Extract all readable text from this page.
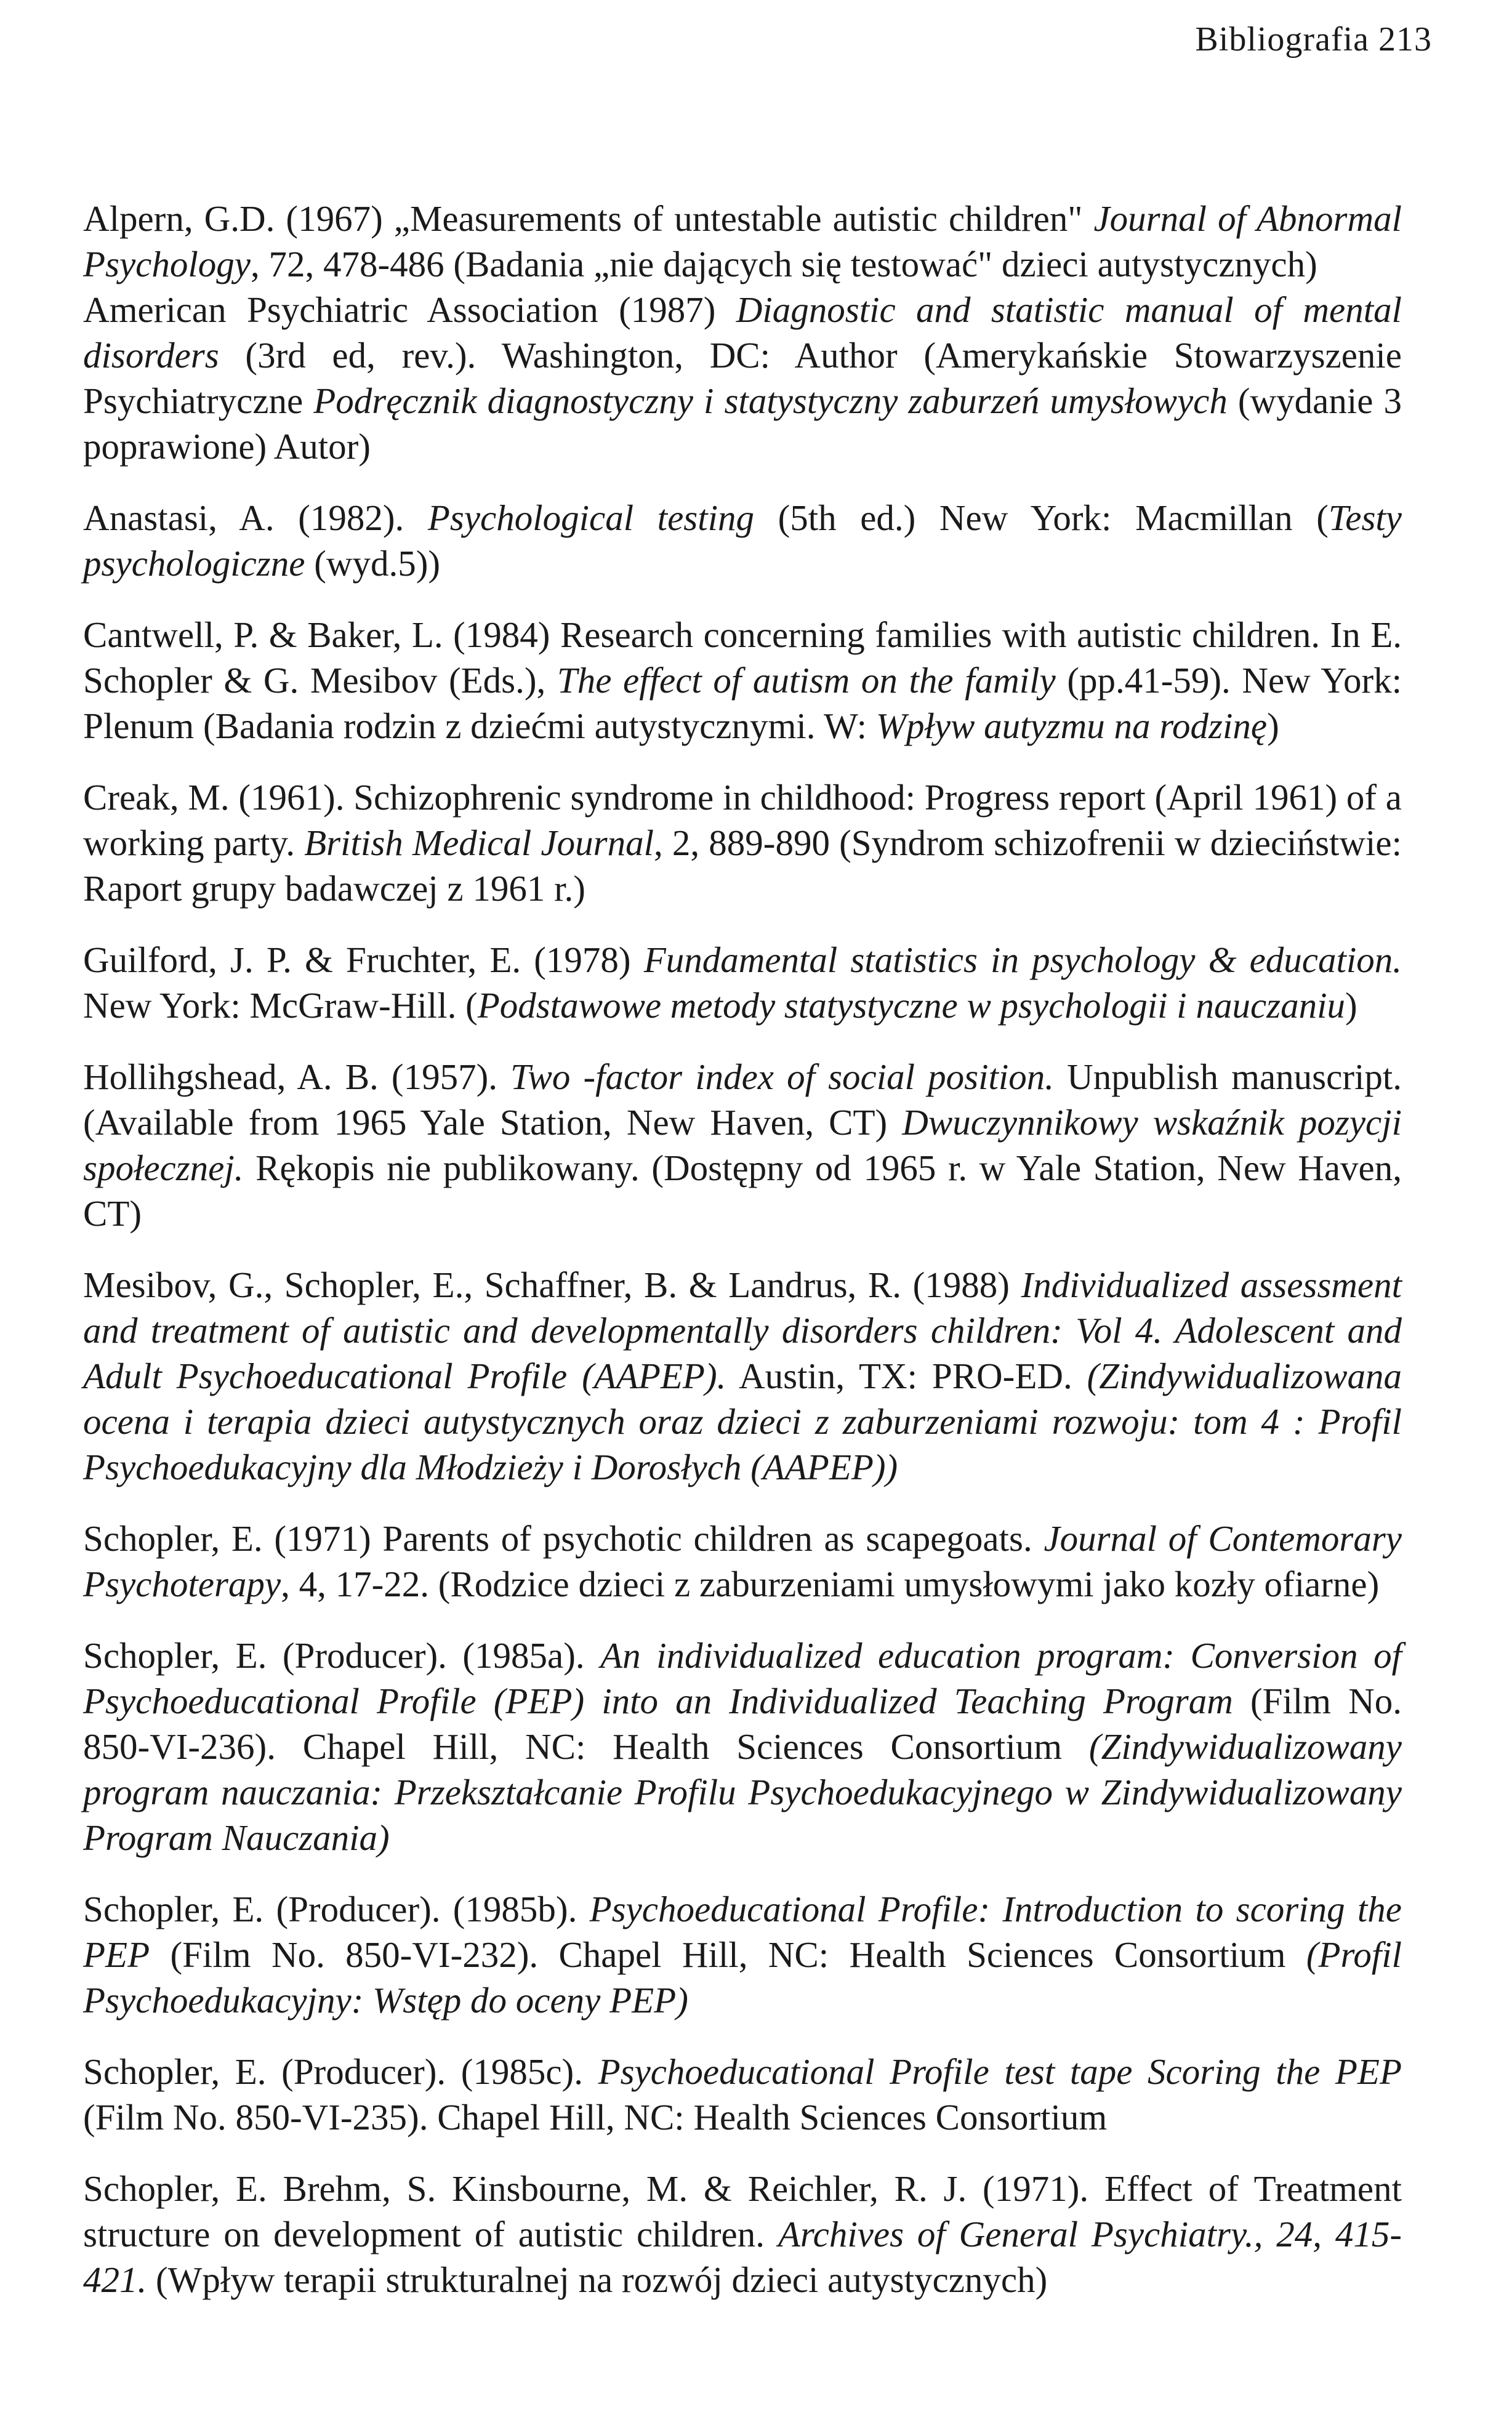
Bibliografia 213
Alpern, G.D. (1967) „Measurements of untestable autistic children" Journal of Abnormal Psychology, 72, 478-486 (Badania „nie dających się testować" dzieci autystycznych)
American Psychiatric Association (1987) Diagnostic and statistic manual of mental disorders (3rd ed, rev.). Washington, DC: Author (Amerykańskie Stowarzyszenie Psychiatryczne Podręcznik diagnostyczny i statystyczny zaburzeń umysłowych (wydanie 3 poprawione) Autor)
Anastasi, A. (1982). Psychological testing (5th ed.) New York: Macmillan (Testy psychologiczne (wyd.5))
Cantwell, P. & Baker, L. (1984) Research concerning families with autistic children. In E. Schopler & G. Mesibov (Eds.), The effect of autism on the family (pp.41-59). New York: Plenum (Badania rodzin z dziećmi autystycznymi. W: Wpływ autyzmu na rodzinę)
Creak, M. (1961). Schizophrenic syndrome in childhood: Progress report (April 1961) of a working party. British Medical Journal, 2, 889-890 (Syndrom schizofrenii w dzieciństwie: Raport grupy badawczej z 1961 r.)
Guilford, J. P. & Fruchter, E. (1978) Fundamental statistics in psychology & education. New York: McGraw-Hill. (Podstawowe metody statystyczne w psychologii i nauczaniu)
Hollihgshead, A. B. (1957). Two -factor index of social position. Unpublish manuscript. (Available from 1965 Yale Station, New Haven, CT) Dwuczynnikowy wskaźnik pozycji społecznej. Rękopis nie publikowany. (Dostępny od 1965 r. w Yale Station, New Haven, CT)
Mesibov, G., Schopler, E., Schaffner, B. & Landrus, R. (1988) Individualized assessment and treatment of autistic and developmentally disorders children: Vol 4. Adolescent and Adult Psychoeducational Profile (AAPEP). Austin, TX: PRO-ED. (Zindywidualizowana ocena i terapia dzieci autystycznych oraz dzieci z zaburzeniami rozwoju: tom 4 : Profil Psychoedukacyjny dla Młodzieży i Dorosłych (AAPEP))
Schopler, E. (1971) Parents of psychotic children as scapegoats. Journal of Contemorary Psychoterapy, 4, 17-22. (Rodzice dzieci z zaburzeniami umysłowymi jako kozły ofiarne)
Schopler, E. (Producer). (1985a). An individualized education program: Conversion of Psychoeducational Profile (PEP) into an Individualized Teaching Program (Film No. 850-VI-236). Chapel Hill, NC: Health Sciences Consortium (Zindywidualizowany program nauczania: Przekształcanie Profilu Psychoedukacyjnego w Zindywidualizowany Program Nauczania)
Schopler, E. (Producer). (1985b). Psychoeducational Profile: Introduction to scoring the PEP (Film No. 850-VI-232). Chapel Hill, NC: Health Sciences Consortium (Profil Psychoedukacyjny: Wstęp do oceny PEP)
Schopler, E. (Producer). (1985c). Psychoeducational Profile test tape Scoring the PEP (Film No. 850-VI-235). Chapel Hill, NC: Health Sciences Consortium
Schopler, E. Brehm, S. Kinsbourne, M. & Reichler, R. J. (1971). Effect of Treatment structure on development of autistic children. Archives of General Psychiatry., 24, 415-421. (Wpływ terapii strukturalnej na rozwój dzieci autystycznych)
